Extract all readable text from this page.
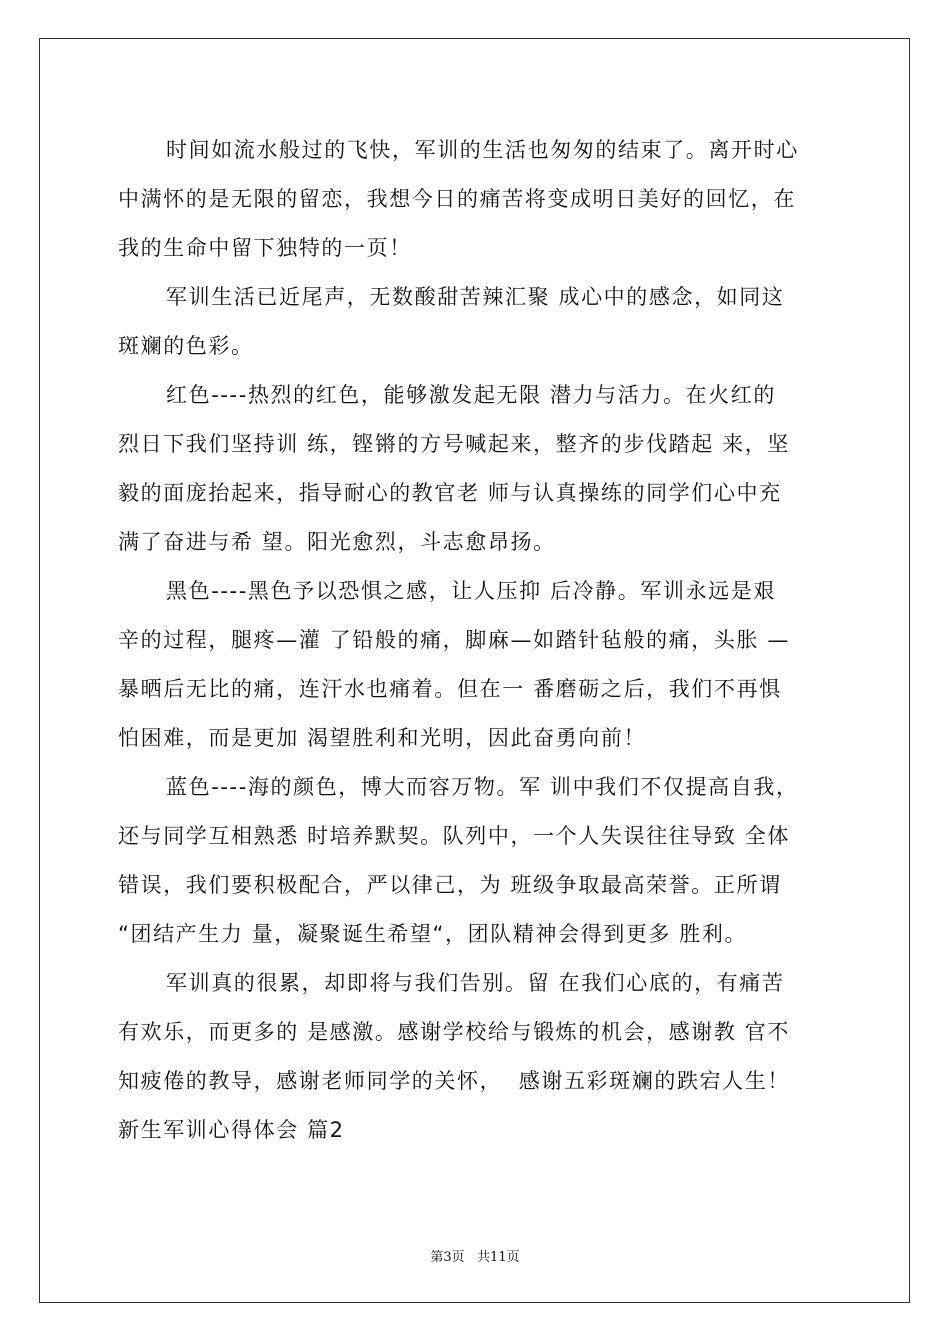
时间如流水般过的飞快，军训的生活也匆匆的结束了。离开时心
中满怀的是无限的留恋，我想今日的痛苦将变成明日美好的回忆，在
我的生命中留下独特的一页！
军训生活已近尾声，无数酸甜苦辣汇聚 成心中的感念，如同这
斑斓的色彩。
红色----热烈的红色，能够激发起无限 潜力与活力。在火红的
烈日下我们坚持训 练，铿锵的方号喊起来，整齐的步伐踏起 来，坚
毅的面庞抬起来，指导耐心的教官老 师与认真操练的同学们心中充
满了奋进与希 望。阳光愈烈，斗志愈昂扬。
黑色----黑色予以恐惧之感，让人压抑 后冷静。军训永远是艰
辛的过程，腿疼—灌 了铅般的痛，脚麻—如踏针毡般的痛，头胀 —
暴晒后无比的痛，连汗水也痛着。但在一 番磨砺之后，我们不再惧
怕困难，而是更加 渴望胜利和光明，因此奋勇向前！
蓝色----海的颜色，博大而容万物。军 训中我们不仅提高自我，
还与同学互相熟悉 时培养默契。队列中，一个人失误往往导致 全体
错误，我们要积极配合，严以律己，为 班级争取最高荣誉。正所谓
“团结产生力 量，凝聚诞生希望“，团队精神会得到更多 胜利。
军训真的很累，却即将与我们告别。留 在我们心底的，有痛苦
有欢乐，而更多的 是感激。感谢学校给与锻炼的机会，感谢教 官不
知疲倦的教导，感谢老师同学的关怀，  感谢五彩斑斓的跌宕人生！
新生军训心得体会 篇2
第3页   共11页
